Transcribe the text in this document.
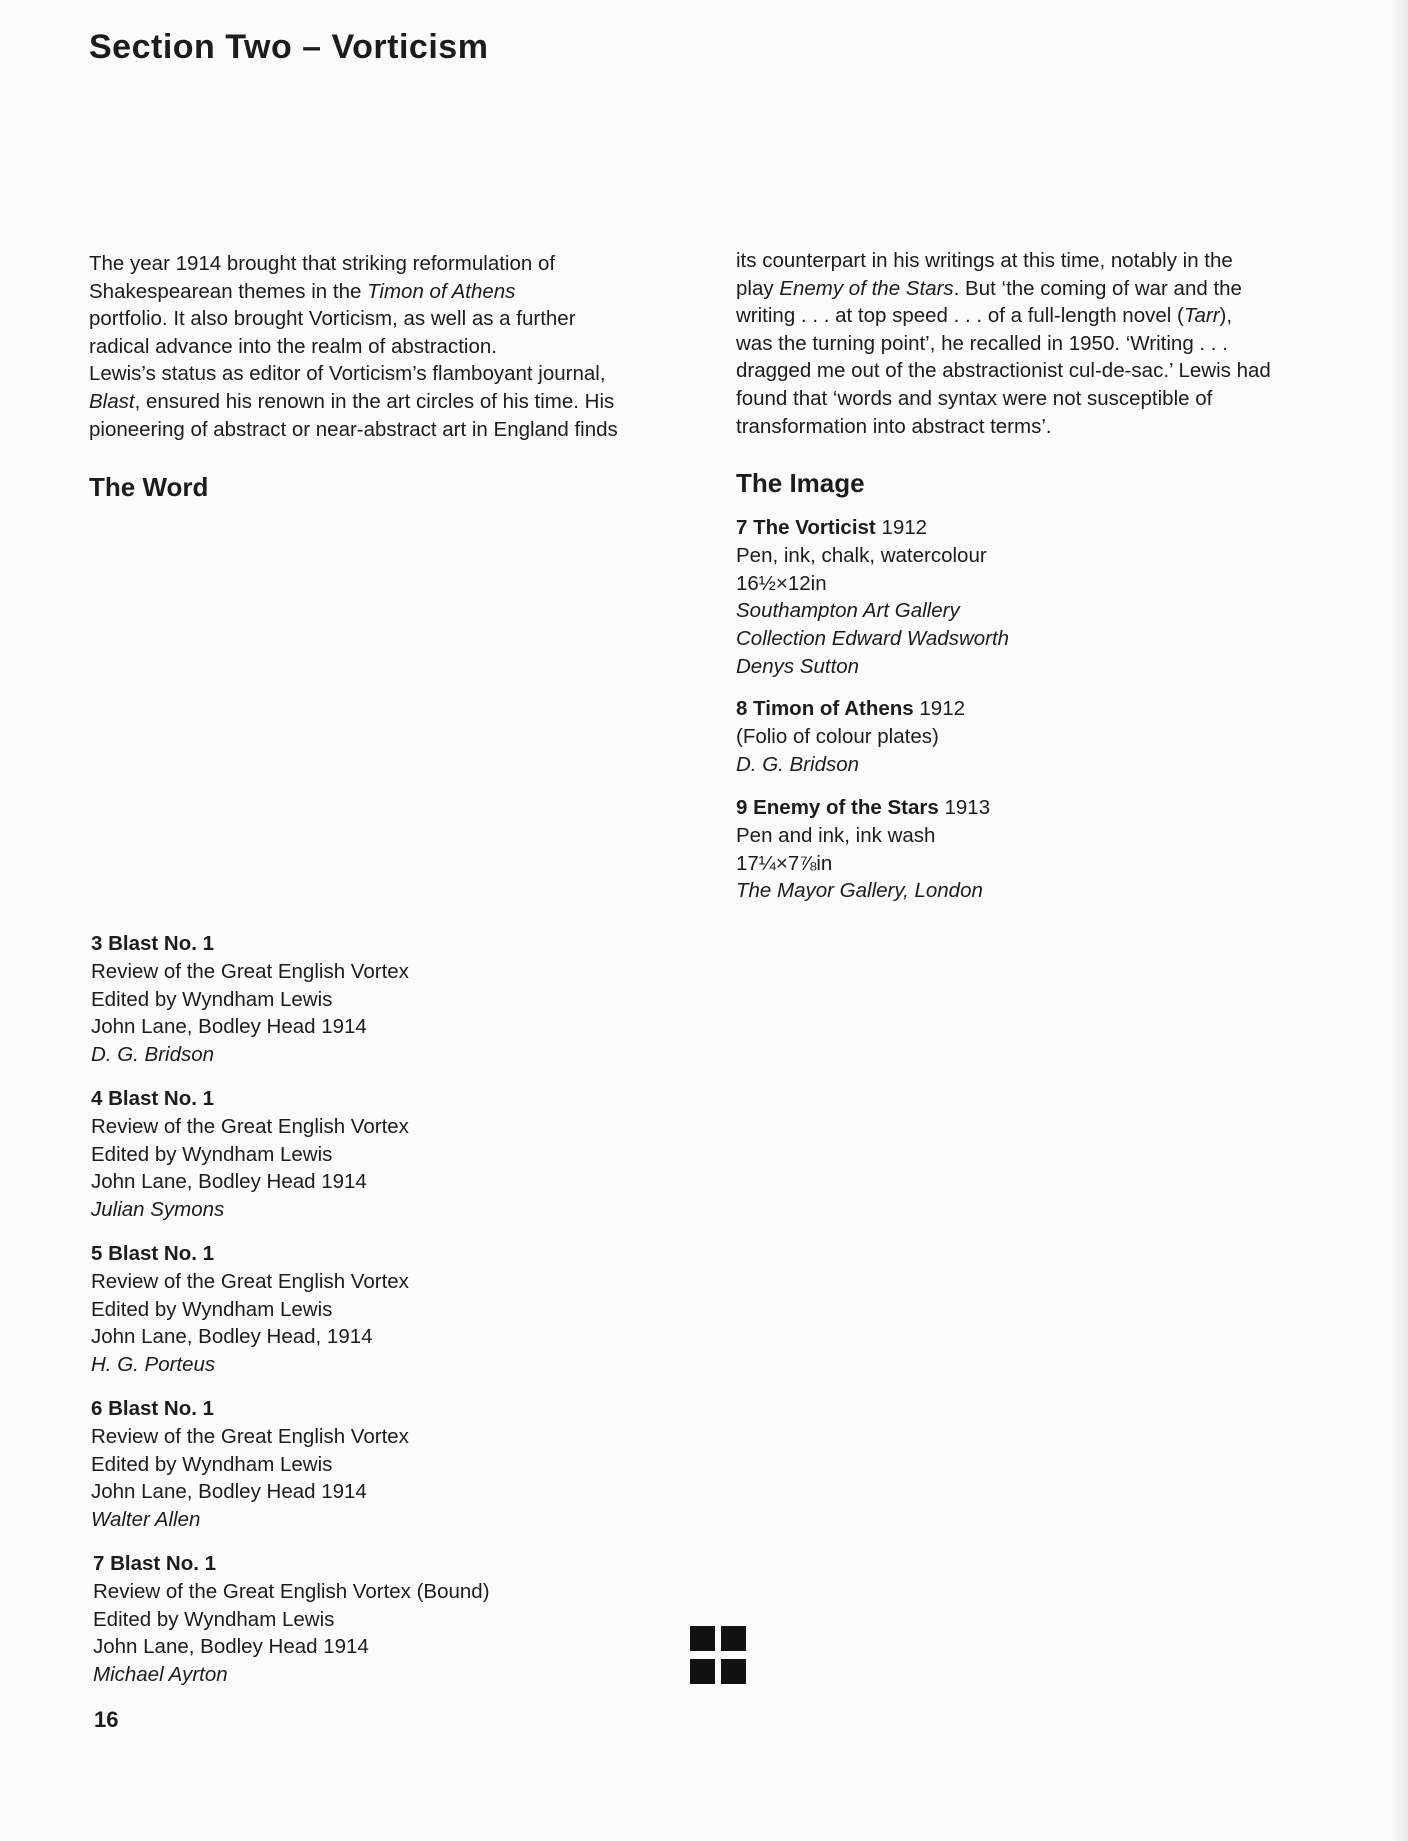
Section Two – Vorticism

The year 1914 brought that striking reformulation of
Shakespearean themes in the Timon of Athens
portfolio. It also brought Vorticism, as well as a further
radical advance into the realm of abstraction.
Lewis’s status as editor of Vorticism’s flamboyant journal,
Blast, ensured his renown in the art circles of his time. His
pioneering of abstract or near-abstract art in England finds

its counterpart in his writings at this time, notably in the
play Enemy of the Stars. But ‘the coming of war and the
writing . . . at top speed . . . of a full-length novel (Tarr),
was the turning point’, he recalled in 1950. ‘Writing . . .
dragged me out of the abstractionist cul-de-sac.’ Lewis had
found that ‘words and syntax were not susceptible of
transformation into abstract terms’.

The Word	The Image
7 The Vorticist 1912
Pen, ink, chalk, watercolour
16½×12in
Southampton Art Gallery
Collection Edward Wadsworth
Denys Sutton
8 Timon of Athens 1912
(Folio of colour plates)
D. G. Bridson
9 Enemy of the Stars 1913
Pen and ink, ink wash
17¼×7⅞in
The Mayor Gallery, London
3 Blast No. 1
Review of the Great English Vortex
Edited by Wyndham Lewis
John Lane, Bodley Head 1914
D. G. Bridson
4 Blast No. 1
Review of the Great English Vortex
Edited by Wyndham Lewis
John Lane, Bodley Head 1914
Julian Symons
5 Blast No. 1
Review of the Great English Vortex
Edited by Wyndham Lewis
John Lane, Bodley Head, 1914
H. G. Porteus
6 Blast No. 1
Review of the Great English Vortex
Edited by Wyndham Lewis
John Lane, Bodley Head 1914
Walter Allen
7 Blast No. 1
Review of the Great English Vortex (Bound)
Edited by Wyndham Lewis
John Lane, Bodley Head 1914
Michael Ayrton
16
